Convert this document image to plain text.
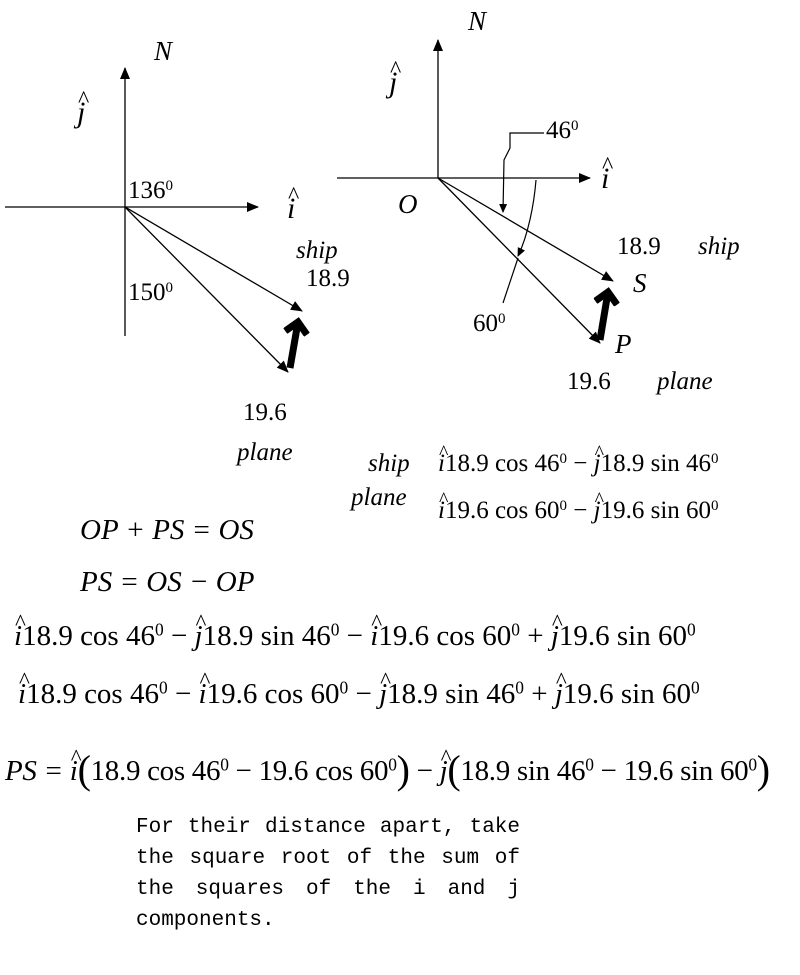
N
^ j
^ i
$136^0$
$150^0$
ship
18.9
19.6
plane
N
^ j
^ i
O
$46^0$
$60^0$
18.9 ship
S
P
19.6 plane
ship
plane
^ i18.9 $\cos 46^0$ − ^ j18.9 $\sin 46^0$
^ i19.6 $\cos 60^0$ − ^ j19.6 $\sin 60^0$
OP + PS = OS
PS = OS − OP
^ i18.9 $\cos 46^0$ − ^ j18.9 $\sin 46^0$ − ^ i19.6 $\cos 60^0$ + ^ j19.6 $\sin 60^0$
^ i18.9 $\cos 46^0$ − ^ i19.6 $\cos 60^0$ − ^ j18.9 $\sin 46^0$ + ^ j19.6 $\sin 60^0$
PS = ^ i(18.9 $\cos 46^0 - 19.6$ $\cos 60^0$) − ^ j(18.9 $\sin 46^0 - 19.6$ $\sin 60^0$)
For their distance apart, take the square root of the sum of the squares of the i and j components.
